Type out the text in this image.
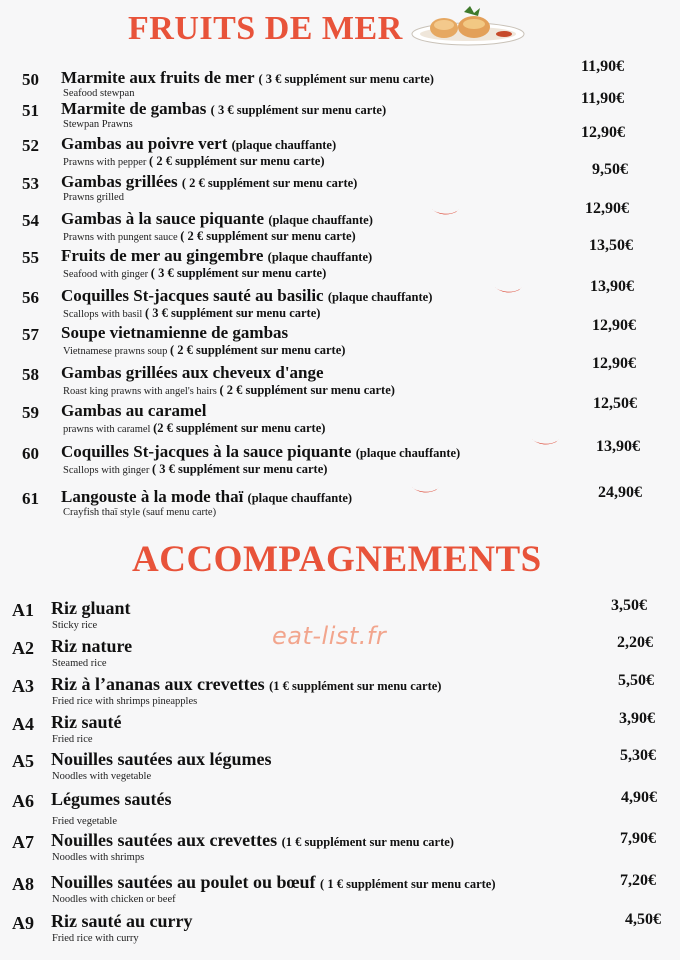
FRUITS DE MER
ACCOMPAGNEMENTS
50 Marmite aux fruits de mer ( 3 € supplément sur menu carte)
Seafood stewpan
11,90€
51 Marmite de gambas ( 3 € supplément sur menu carte)
Stewpan Prawns
11,90€
52 Gambas au poivre vert (plaque chauffante)
Prawns with pepper ( 2 € supplément sur menu carte)
12,90€
53 Gambas grillées ( 2 € supplément sur menu carte)
Prawns grilled
9,50€
54 Gambas à la sauce piquante (plaque chauffante)
Prawns with pungent sauce ( 2 € supplément sur menu carte)
12,90€
55 Fruits de mer au gingembre (plaque chauffante)
Seafood with ginger ( 3 € supplément sur menu carte)
13,50€
56 Coquilles St-jacques sauté au basilic (plaque chauffante)
Scallops with basil ( 3 € supplément sur menu carte)
13,90€
57 Soupe vietnamienne de gambas
Vietnamese prawns soup ( 2 € supplément sur menu carte)
12,90€
58 Gambas grillées aux cheveux d'ange
Roast king prawns with angel's hairs ( 2 € supplément sur menu carte)
12,90€
59 Gambas au caramel
prawns with caramel (2 € supplément sur menu carte)
12,50€
60 Coquilles St-jacques à la sauce piquante (plaque chauffante)
Scallops with ginger ( 3 € supplément sur menu carte)
13,90€
61 Langouste à la mode thaï (plaque chauffante)
Crayfish thaï style (sauf menu carte)
24,90€
A1 Riz gluant
Sticky rice
3,50€
A2 Riz nature
Steamed rice
2,20€
A3 Riz à l’ananas aux crevettes (1 € supplément sur menu carte)
Fried rice with shrimps pineapples
5,50€
A4 Riz sauté
Fried rice
3,90€
A5 Nouilles sautées aux légumes
Noodles with vegetable
5,30€
A6 Légumes sautés
Fried vegetable
4,90€
A7 Nouilles sautées aux crevettes (1 € supplément sur menu carte)
Noodles with shrimps
7,90€
A8 Nouilles sautées au poulet ou bœuf ( 1 € supplément sur menu carte)
Noodles with chicken or beef
7,20€
A9 Riz sauté au curry
Fried rice with curry
4,50€
eat-list.fr
